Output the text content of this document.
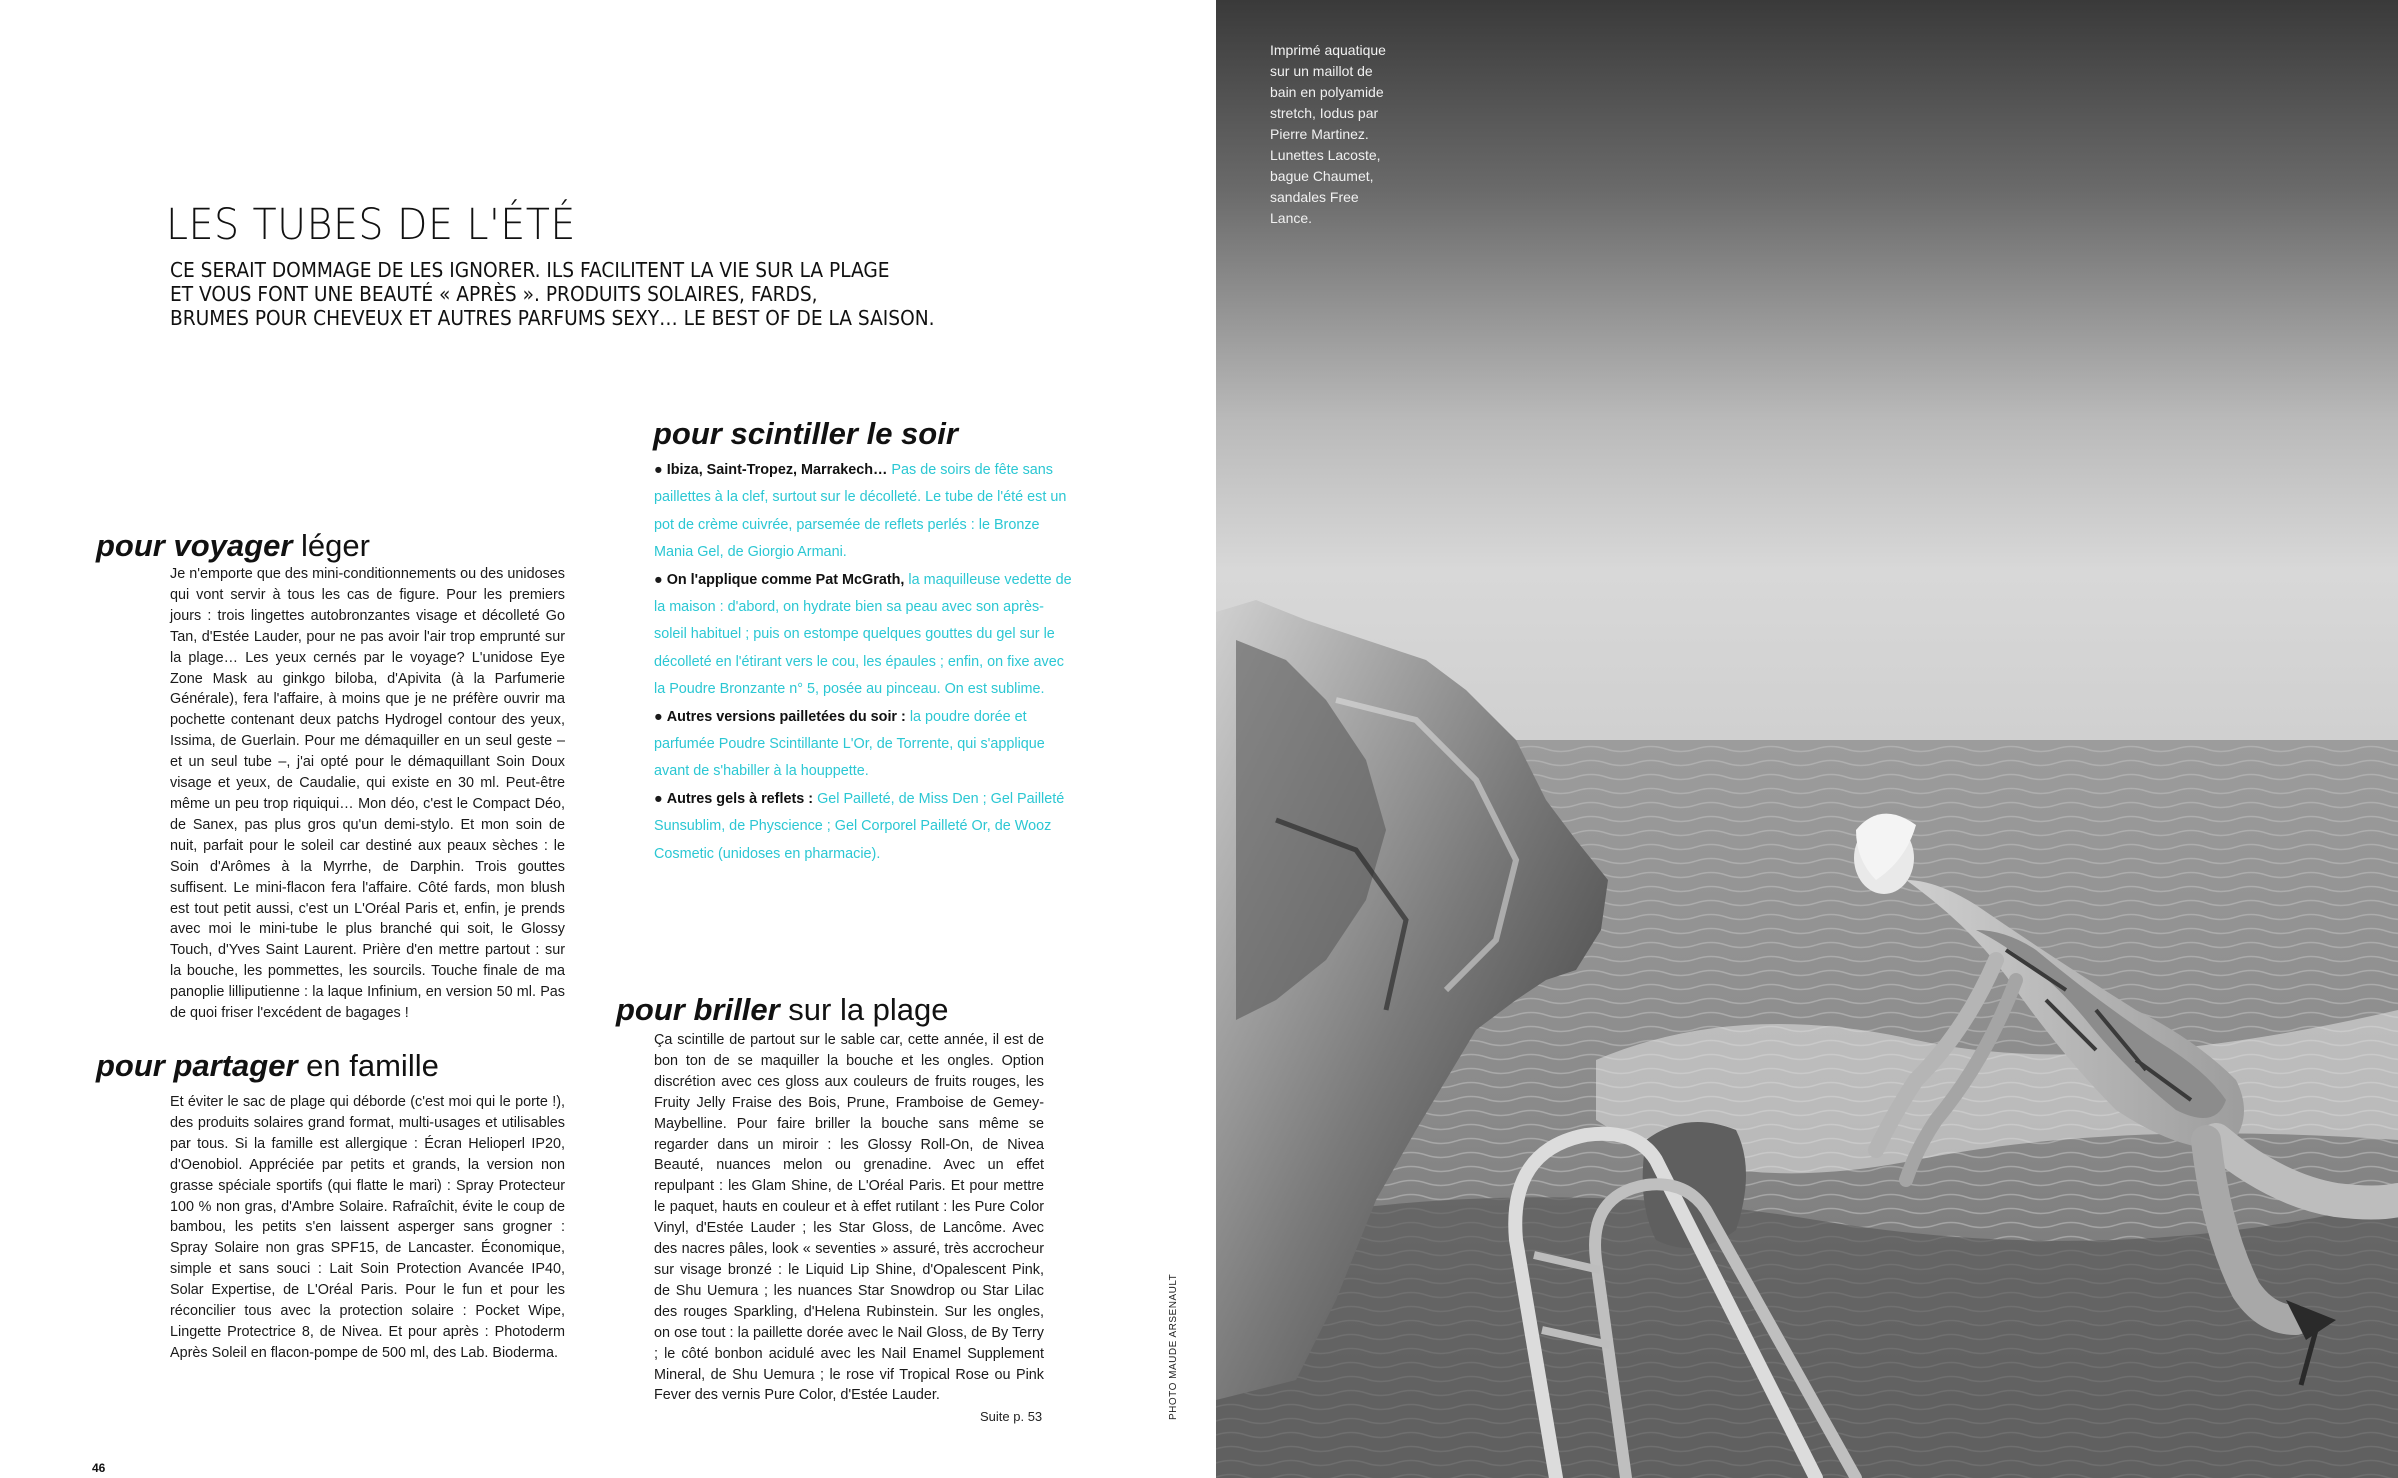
LES TUBES DE L'ÉTÉ
CE SERAIT DOMMAGE DE LES IGNORER. ILS FACILITENT LA VIE SUR LA PLAGE
ET VOUS FONT UNE BEAUTÉ « APRÈS ». PRODUITS SOLAIRES, FARDS,
BRUMES POUR CHEVEUX ET AUTRES PARFUMS SEXY… LE BEST OF DE LA SAISON.
pour voyager léger

Je n'emporte que des mini-conditionnements ou des unidoses qui vont servir à tous les cas de figure. Pour les premiers jours : trois lingettes autobronzantes visage et décolleté Go Tan, d'Estée Lauder, pour ne pas avoir l'air trop emprunté sur la plage… Les yeux cernés par le voyage? L'unidose Eye Zone Mask au ginkgo biloba, d'Apivita (à la Parfumerie Générale), fera l'affaire, à moins que je ne préfère ouvrir ma pochette contenant deux patchs Hydrogel contour des yeux, Issima, de Guerlain. Pour me démaquiller en un seul geste – et un seul tube –, j'ai opté pour le démaquillant Soin Doux visage et yeux, de Caudalie, qui existe en 30 ml. Peut-être même un peu trop riquiqui… Mon déo, c'est le Compact Déo, de Sanex, pas plus gros qu'un demi-stylo. Et mon soin de nuit, parfait pour le soleil car destiné aux peaux sèches : le Soin d'Arômes à la Myrrhe, de Darphin. Trois gouttes suffisent. Le mini-flacon fera l'affaire. Côté fards, mon blush est tout petit aussi, c'est un L'Oréal Paris et, enfin, je prends avec moi le mini-tube le plus branché qui soit, le Glossy Touch, d'Yves Saint Laurent. Prière d'en mettre partout : sur la bouche, les pommettes, les sourcils. Touche finale de ma panoplie lilliputienne : la laque Infinium, en version 50 ml. Pas de quoi friser l'excédent de bagages !

pour partager en famille

Et éviter le sac de plage qui déborde (c'est moi qui le porte !), des produits solaires grand format, multi-usages et utilisables par tous. Si la famille est allergique : Écran Helioperl IP20, d'Oenobiol. Appréciée par petits et grands, la version non grasse spéciale sportifs (qui flatte le mari) : Spray Protecteur 100 % non gras, d'Ambre Solaire. Rafraîchit, évite le coup de bambou, les petits s'en laissent asperger sans grogner : Spray Solaire non gras SPF15, de Lancaster. Économique, simple et sans souci : Lait Soin Protection Avancée IP40, Solar Expertise, de L'Oréal Paris. Pour le fun et pour les réconcilier tous avec la protection solaire : Pocket Wipe, Lingette Protectrice 8, de Nivea. Et pour après : Photoderm Après Soleil en flacon-pompe de 500 ml, des Lab. Bioderma.

pour scintiller le soir

● Ibiza, Saint-Tropez, Marrakech… Pas de soirs de fête sans paillettes à la clef, surtout sur le décolleté. Le tube de l'été est un pot de crème cuivrée, parsemée de reflets perlés : le Bronze Mania Gel, de Giorgio Armani.

● On l'applique comme Pat McGrath, la maquilleuse vedette de la maison : d'abord, on hydrate bien sa peau avec son après-soleil habituel ; puis on estompe quelques gouttes du gel sur le décolleté en l'étirant vers le cou, les épaules ; enfin, on fixe avec la Poudre Bronzante n° 5, posée au pinceau. On est sublime.

● Autres versions pailletées du soir : la poudre dorée et parfumée Poudre Scintillante L'Or, de Torrente, qui s'applique avant de s'habiller à la houppette.

● Autres gels à reflets : Gel Pailleté, de Miss Den ; Gel Pailleté Sunsublim, de Physcience ; Gel Corporel Pailleté Or, de Wooz Cosmetic (unidoses en pharmacie).

pour briller sur la plage

Ça scintille de partout sur le sable car, cette année, il est de bon ton de se maquiller la bouche et les ongles. Option discrétion avec ces gloss aux couleurs de fruits rouges, les Fruity Jelly Fraise des Bois, Prune, Framboise de Gemey-Maybelline. Pour faire briller la bouche sans même se regarder dans un miroir : les Glossy Roll-On, de Nivea Beauté, nuances melon ou grenadine. Avec un effet repulpant : les Glam Shine, de L'Oréal Paris. Et pour mettre le paquet, hauts en couleur et à effet rutilant : les Pure Color Vinyl, d'Estée Lauder ; les Star Gloss, de Lancôme. Avec des nacres pâles, look « seventies » assuré, très accrocheur sur visage bronzé : le Liquid Lip Shine, d'Opalescent Pink, de Shu Uemura ; les nuances Star Snowdrop ou Star Lilac des rouges Sparkling, d'Helena Rubinstein. Sur les ongles, on ose tout : la paillette dorée avec le Nail Gloss, de By Terry ; le côté bonbon acidulé avec les Nail Enamel Supplement Mineral, de Shu Uemura ; le rose vif Tropical Rose ou Pink Fever des vernis Pure Color, d'Estée Lauder.

Suite p. 53
46
PHOTO MAUDE ARSENAULT

Imprimé aquatique sur un maillot de bain en polyamide stretch, Iodus par Pierre Martinez. Lunettes Lacoste, bague Chaumet, sandales Free Lance.
